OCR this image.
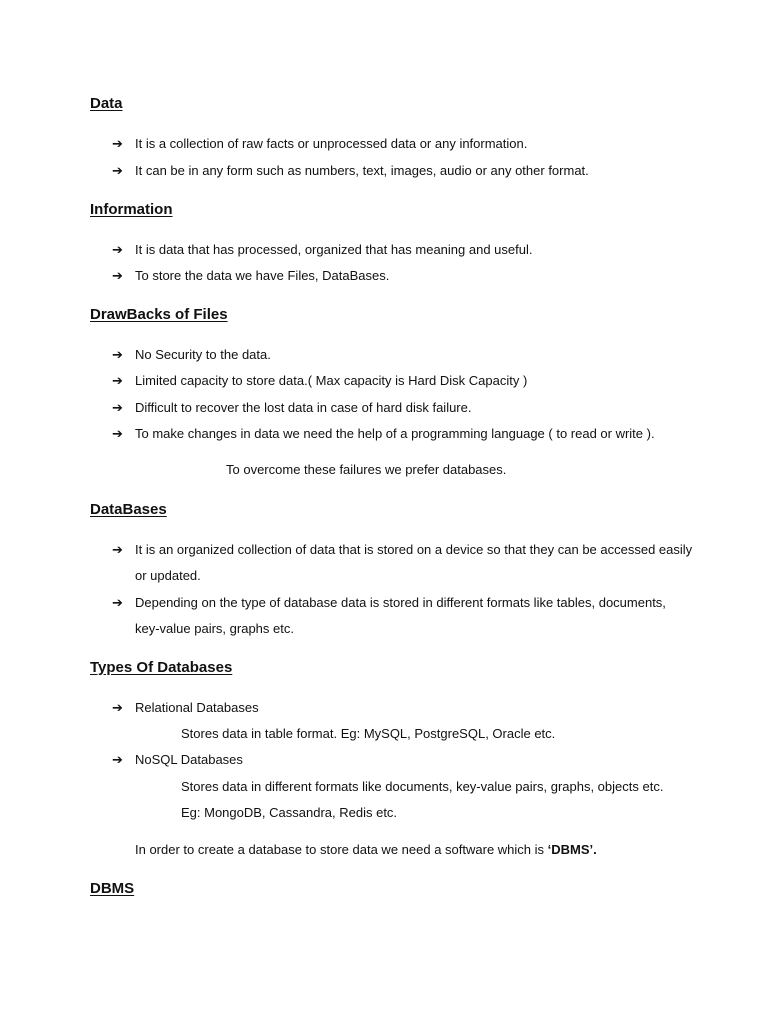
Data
➔ It is a collection of raw facts or unprocessed data or any information.
➔ It can be in any form such as numbers, text, images, audio or any other format.
Information
➔ It is data that has processed, organized that has meaning and useful.
➔ To store the data we have Files, DataBases.
DrawBacks of Files
➔ No Security to the data.
➔ Limited capacity to store data.( Max capacity is Hard Disk Capacity )
➔ Difficult to recover the lost data in case of hard disk failure.
➔ To make changes in data we need the help of a programming language ( to read or write ).
To overcome these failures we prefer databases.
DataBases
➔ It is an organized collection of data that is stored on a device so that they can be accessed easily
or updated.
➔ Depending on the type of database data is stored in different formats like tables, documents,
key-value pairs, graphs etc.
Types Of Databases
➔ Relational Databases
Stores data in table format. Eg: MySQL, PostgreSQL, Oracle etc.
➔ NoSQL Databases
Stores data in different formats like documents, key-value pairs, graphs, objects etc.
Eg: MongoDB, Cassandra, Redis etc.
In order to create a database to store data we need a software which is ‘DBMS’.
DBMS
